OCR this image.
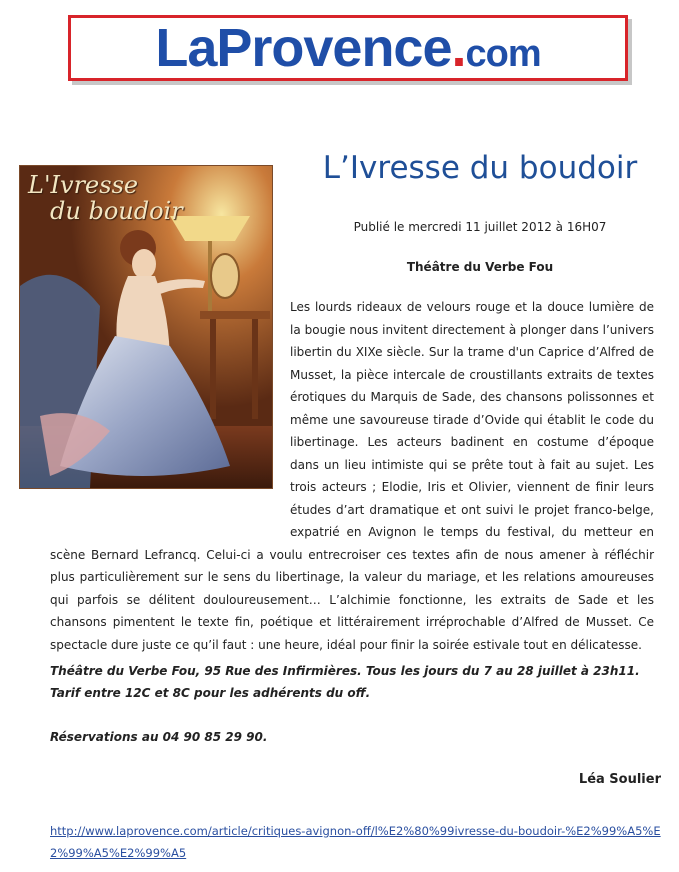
LaProvence.com
L'Ivresse
du boudoir
L’Ivresse du boudoir
Publié le mercredi 11 juillet 2012 à 16H07
Théâtre du Verbe Fou

Les lourds rideaux de velours rouge et la douce lumière de la bougie nous invitent directement à plonger dans l’univers libertin du XIXe siècle. Sur la trame d'un Caprice d’Alfred de Musset, la pièce intercale de croustillants extraits de textes érotiques du Marquis de Sade, des chansons polissonnes et même une savoureuse tirade d’Ovide qui établit le code du libertinage. Les acteurs badinent en costume d’époque dans un lieu intimiste qui se prête tout à fait au sujet. Les trois acteurs ; Elodie, Iris et Olivier, viennent de finir leurs études d’art dramatique et ont suivi le projet franco-belge, expatrié en Avignon le temps du festival, du metteur en scène Bernard Lefrancq. Celui-ci a voulu entrecroiser ces textes afin de nous amener à réfléchir plus particulièrement sur le sens du libertinage, la valeur du mariage, et les relations amoureuses qui parfois se délitent douloureusement… L’alchimie fonctionne, les extraits de Sade et les chansons pimentent le texte fin, poétique et littérairement irréprochable d’Alfred de Musset. Ce spectacle dure juste ce qu’il faut : une heure, idéal pour finir la soirée estivale tout en délicatesse.

Théâtre du Verbe Fou, 95 Rue des Infirmières. Tous les jours du 7 au 28 juillet à 23h11. Tarif entre 12C et 8C pour les adhérents du off.

Réservations au 04 90 85 29 90.
Léa Soulier

http://www.laprovence.com/article/critiques-avignon-off/l%E2%80%99ivresse-du-boudoir-%E2%99%A5%E2%99%A5%E2%99%A5
